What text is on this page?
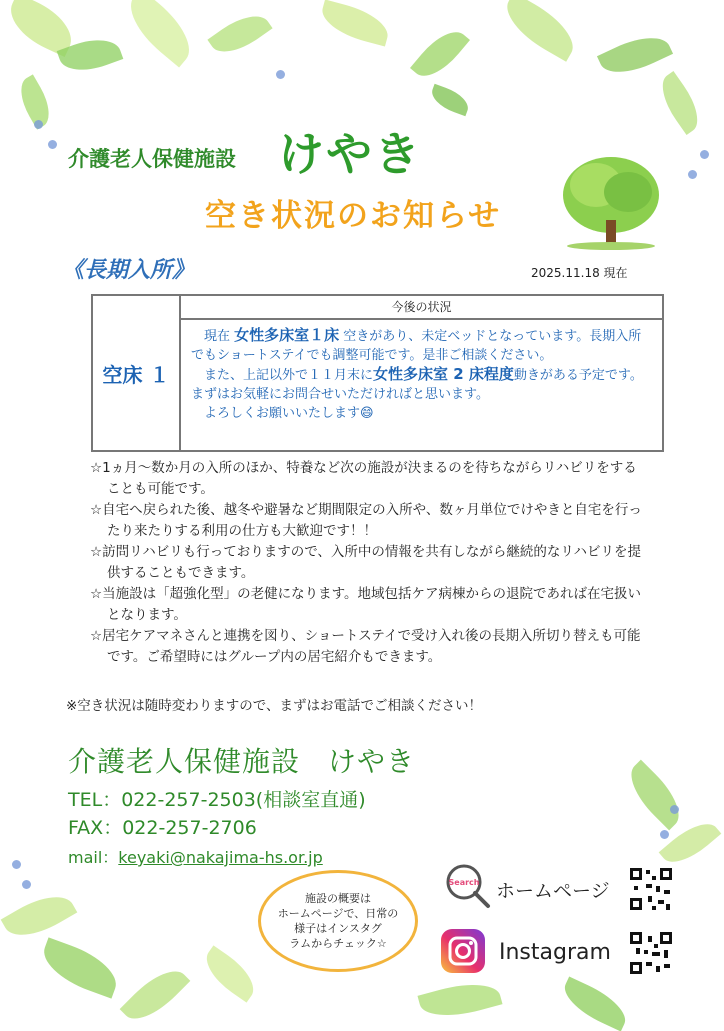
介護老人保健施設 けやき
空き状況のお知らせ
《長期入所》	2025.11.18 現在
空床 １
今後の状況
　現在 女性多床室１床 空きがあり、未定ベッドとなっています。長期入所でもショートステイでも調整可能です。是非ご相談ください。
　また、上記以外で１１月末に女性多床室 2 床程度動きがある予定です。まずはお気軽にお問合せいただければと思います。
　よろしくお願いいたします😄
☆1ヵ月～数か月の入所のほか、特養など次の施設が決まるのを待ちながらリハビリをすることも可能です。
☆自宅へ戻られた後、越冬や避暑など期間限定の入所や、数ヶ月単位でけやきと自宅を行ったり来たりする利用の仕方も大歓迎です！！
☆訪問リハビリも行っておりますので、入所中の情報を共有しながら継続的なリハビリを提供することもできます。
☆当施設は「超強化型」の老健になります。地域包括ケア病棟からの退院であれば在宅扱いとなります。
☆居宅ケアマネさんと連携を図り、ショートステイで受け入れ後の長期入所切り替えも可能です。ご希望時にはグループ内の居宅紹介もできます。
※空き状況は随時変わりますので、まずはお電話でご相談ください！
介護老人保健施設 けやき
TEL：022-257-2503(相談室直通)
FAX：022-257-2706
mail：keyaki@nakajima-hs.or.jp
施設の概要は
ホームページで、日常の
様子はインスタグ
ラムからチェック☆
Search ホームページ
Instagram
